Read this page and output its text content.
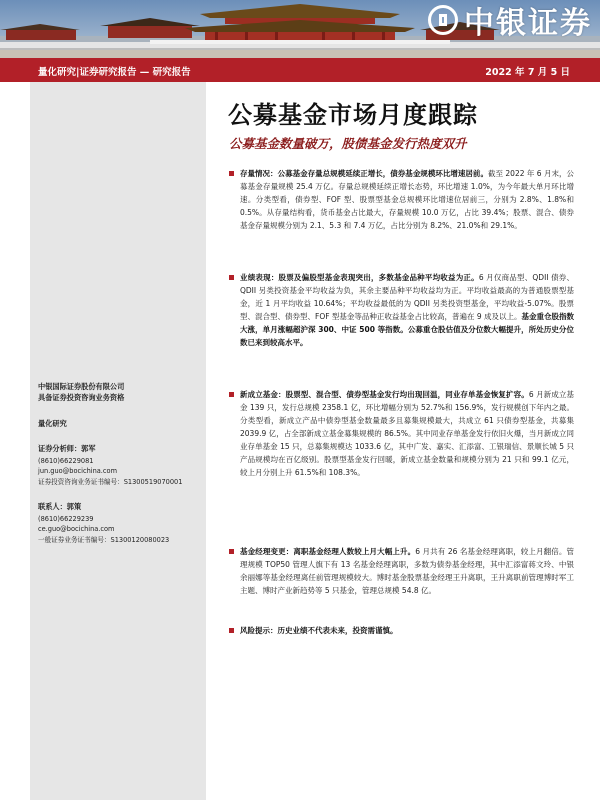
中银证券
量化研究|证券研究报告 — 研究报告	2022 年 7 月 5 日
中银国际证券股份有限公司
具备证券投资咨询业务资格
量化研究
证券分析师：郭军
(8610)66229081
jun.guo@bocichina.com
证券投资咨询业务证书编号：S1300519070001
联系人：郭策
(8610)66229239
ce.guo@bocichina.com
一般证券业务证书编号：S1300120080023
公募基金市场月度跟踪
公募基金数量破万，股债基金发行热度双升
存量情况：公募基金存量总规模延续正增长，债券基金规模环比增速居前。截至 2022 年 6 月末，公募基金存量规模 25.4 万亿。存量总规模延续正增长态势，环比增速 1.0%，为今年最大单月环比增速。分类型看，债券型、FOF 型、股票型基金总规模环比增速位居前三，分别为 2.8%、1.8%和 0.5%。从存量结构看，货币基金占比最大，存量规模 10.0 万亿，占比 39.4%；股票、混合、债券基金存量规模分别为 2.1、5.3 和 7.4 万亿，占比分别为 8.2%、21.0%和 29.1%。
业绩表现：股票及偏股型基金表现突出，多数基金品种平均收益为正。6 月仅商品型、QDII 债券、QDII 另类投资基金平均收益为负，其余主要品种平均收益均为正。平均收益最高的为普通股票型基金，近 1 月平均收益 10.64%；平均收益最低的为 QDII 另类投资型基金，平均收益-5.07%。股票型、混合型、债券型、FOF 型基金等品种正收益基金占比较高，普遍在 9 成及以上。基金重仓股指数大涨，单月涨幅超沪深 300、中证 500 等指数。公募重仓股估值及分位数大幅提升，所处历史分位数已来到较高水平。
新成立基金：股票型、混合型、债券型基金发行均出现回温，同业存单基金恢复扩容。6 月新成立基金 139 只，发行总规模 2358.1 亿，环比增幅分别为 52.7%和 156.9%，发行规模创下年内之最。分类型看，新成立产品中债券型基金数量最多且募集规模最大，共成立 61 只债券型基金，共募集 2039.9 亿，占全部新成立基金募集规模的 86.5%。其中同业存单基金发行依旧火爆，当月新成立同业存单基金 15 只，总募集规模达 1033.6 亿，其中广发、嘉实、汇添富、工银瑞信、景顺长城 5 只产品规模均在百亿级别。股票型基金发行回暖，新成立基金数量和规模分别为 21 只和 99.1 亿元，较上月分别上升 61.5%和 108.3%。
基金经理变更：离职基金经理人数较上月大幅上升。6 月共有 26 名基金经理离职，较上月翻倍。管理规模 TOP50 管理人旗下有 13 名基金经理离职，多数为债券基金经理，其中汇添富蒋文玲、中银余丽娜等基金经理离任前管理规模较大。博时基金股票基金经理王升离职，王升离职前管理博时军工主题、博时产业新趋势等 5 只基金，管理总规模 54.8 亿。
风险提示：历史业绩不代表未来，投资需谨慎。
